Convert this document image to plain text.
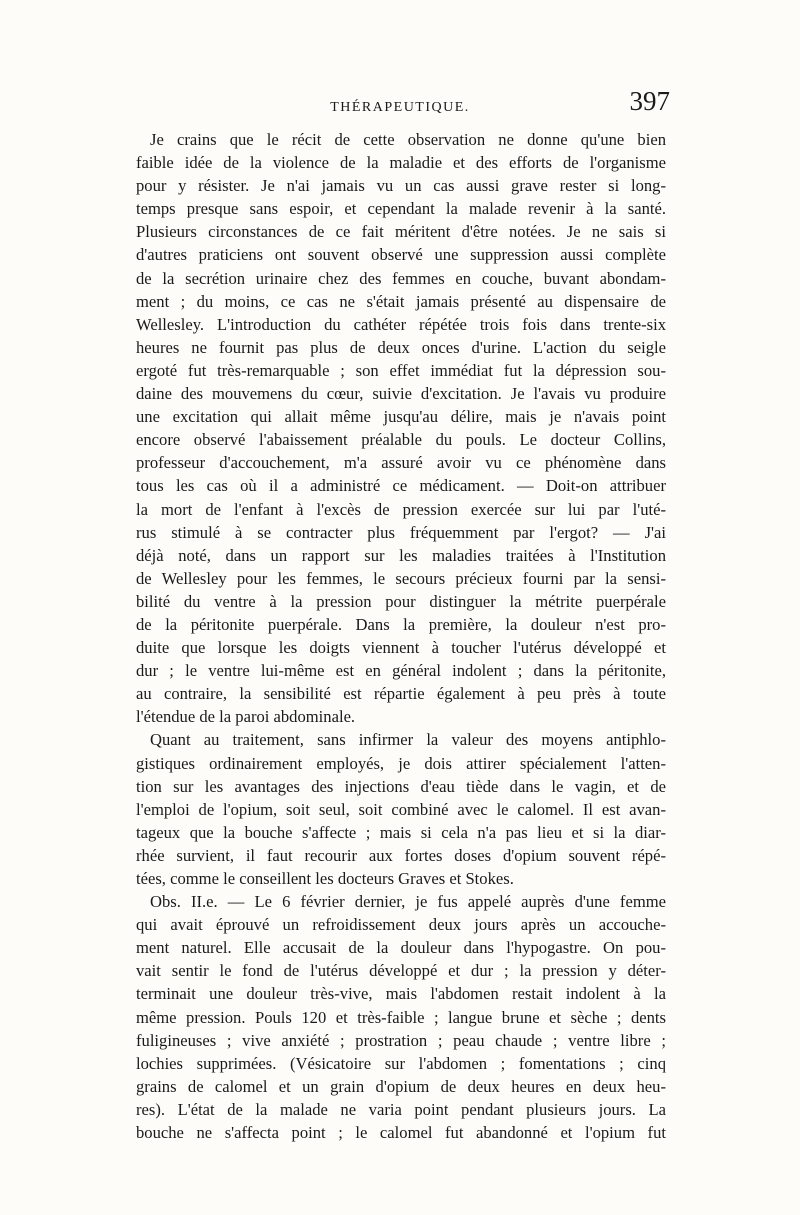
THÉRAPEUTIQUE.	397

Je crains que le récit de cette observation ne donne qu'une bien
faible idée de la violence de la maladie et des efforts de l'organisme
pour y résister. Je n'ai jamais vu un cas aussi grave rester si long-
temps presque sans espoir, et cependant la malade revenir à la santé.
Plusieurs circonstances de ce fait méritent d'être notées. Je ne sais si
d'autres praticiens ont souvent observé une suppression aussi complète
de la secrétion urinaire chez des femmes en couche, buvant abondam-
ment ; du moins, ce cas ne s'était jamais présenté au dispensaire de
Wellesley. L'introduction du cathéter répétée trois fois dans trente-six
heures ne fournit pas plus de deux onces d'urine. L'action du seigle
ergoté fut très-remarquable ; son effet immédiat fut la dépression sou-
daine des mouvemens du cœur, suivie d'excitation. Je l'avais vu produire
une excitation qui allait même jusqu'au délire, mais je n'avais point
encore observé l'abaissement préalable du pouls. Le docteur Collins,
professeur d'accouchement, m'a assuré avoir vu ce phénomène dans
tous les cas où il a administré ce médicament. — Doit-on attribuer
la mort de l'enfant à l'excès de pression exercée sur lui par l'uté-
rus stimulé à se contracter plus fréquemment par l'ergot? — J'ai
déjà noté, dans un rapport sur les maladies traitées à l'Institution
de Wellesley pour les femmes, le secours précieux fourni par la sensi-
bilité du ventre à la pression pour distinguer la métrite puerpérale
de la péritonite puerpérale. Dans la première, la douleur n'est pro-
duite que lorsque les doigts viennent à toucher l'utérus développé et
dur ; le ventre lui-même est en général indolent ; dans la péritonite,
au contraire, la sensibilité est répartie également à peu près à toute
l'étendue de la paroi abdominale.

Quant au traitement, sans infirmer la valeur des moyens antiphlo-
gistiques ordinairement employés, je dois attirer spécialement l'atten-
tion sur les avantages des injections d'eau tiède dans le vagin, et de
l'emploi de l'opium, soit seul, soit combiné avec le calomel. Il est avan-
tageux que la bouche s'affecte ; mais si cela n'a pas lieu et si la diar-
rhée survient, il faut recourir aux fortes doses d'opium souvent répé-
tées, comme le conseillent les docteurs Graves et Stokes.

Obs. II.e. — Le 6 février dernier, je fus appelé auprès d'une femme
qui avait éprouvé un refroidissement deux jours après un accouche-
ment naturel. Elle accusait de la douleur dans l'hypogastre. On pou-
vait sentir le fond de l'utérus développé et dur ; la pression y déter-
terminait une douleur très-vive, mais l'abdomen restait indolent à la
même pression. Pouls 120 et très-faible ; langue brune et sèche ; dents
fuligineuses ; vive anxiété ; prostration ; peau chaude ; ventre libre ;
lochies supprimées. (Vésicatoire sur l'abdomen ; fomentations ; cinq
grains de calomel et un grain d'opium de deux heures en deux heu-
res). L'état de la malade ne varia point pendant plusieurs jours. La
bouche ne s'affecta point ; le calomel fut abandonné et l'opium fut
